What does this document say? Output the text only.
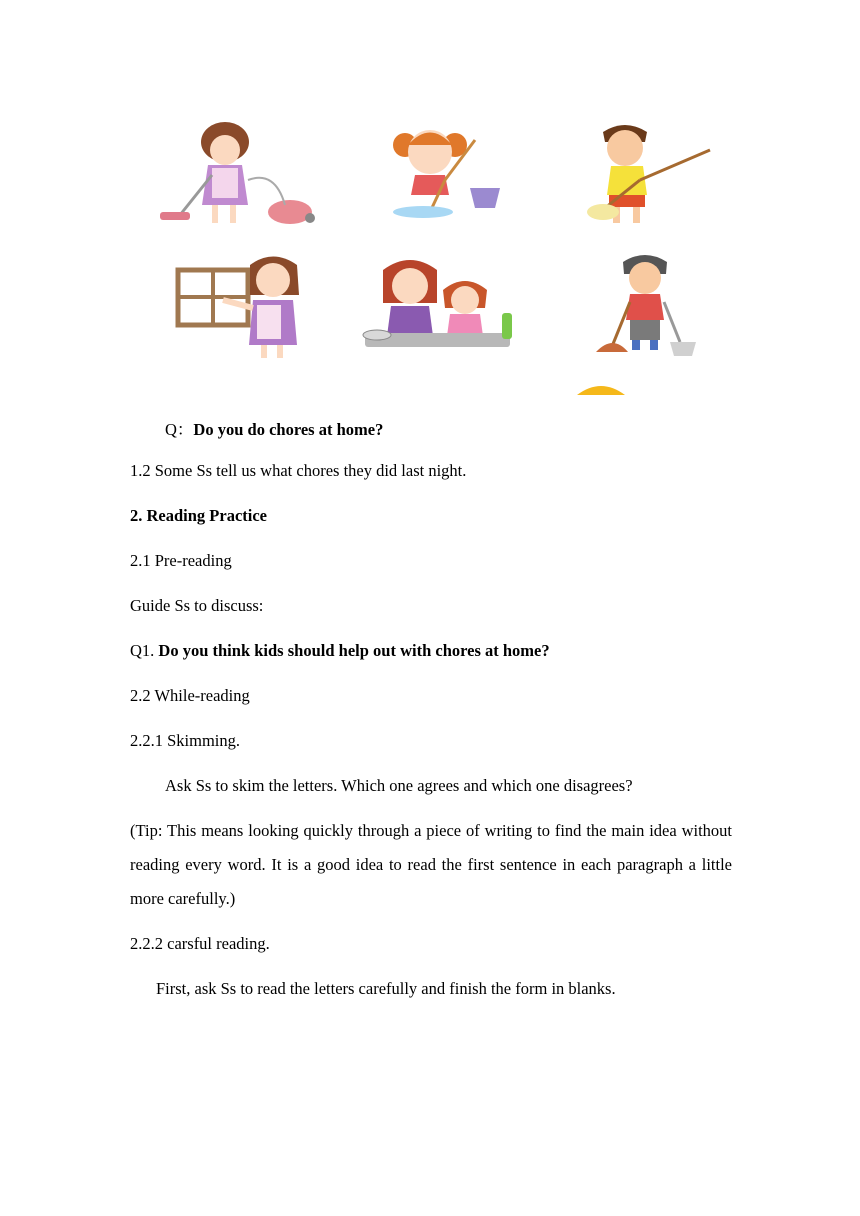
Q：Do you do chores at home?
1.2 Some Ss tell us what chores they did last night.
2. Reading Practice
2.1 Pre-reading
Guide Ss to discuss:
Q1. Do you think kids should help out with chores at home?
2.2 While-reading
2.2.1 Skimming.
Ask Ss to skim the letters. Which one agrees and which one disagrees?
(Tip: This means looking quickly through a piece of writing to find the main idea without reading every word. It is a good idea to read the first sentence in each paragraph a little more carefully.)
2.2.2 carsful reading.
First, ask Ss to read the letters carefully and finish the form in blanks.
